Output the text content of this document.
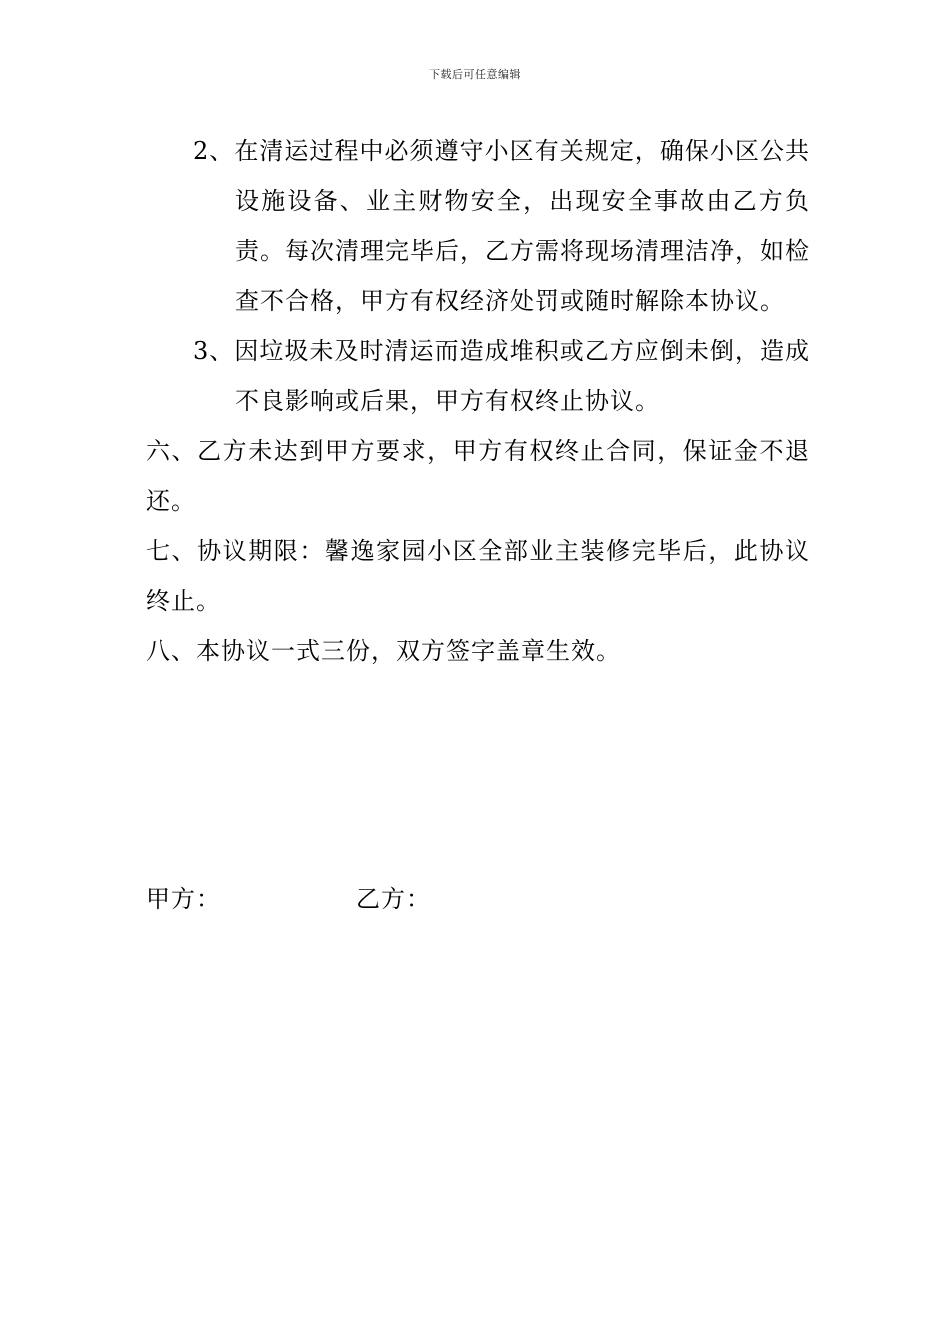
下载后可任意编辑

2、在清运过程中必须遵守小区有关规定，确保小区公共设施设备、业主财物安全，出现安全事故由乙方负责。每次清理完毕后，乙方需将现场清理洁净，如检查不合格，甲方有权经济处罚或随时解除本协议。

3、因垃圾未及时清运而造成堆积或乙方应倒未倒，造成不良影响或后果，甲方有权终止协议。

六、乙方未达到甲方要求，甲方有权终止合同，保证金不退还。

七、协议期限：馨逸家园小区全部业主装修完毕后，此协议终止。

八、本协议一式三份，双方签字盖章生效。

甲方：	乙方：
